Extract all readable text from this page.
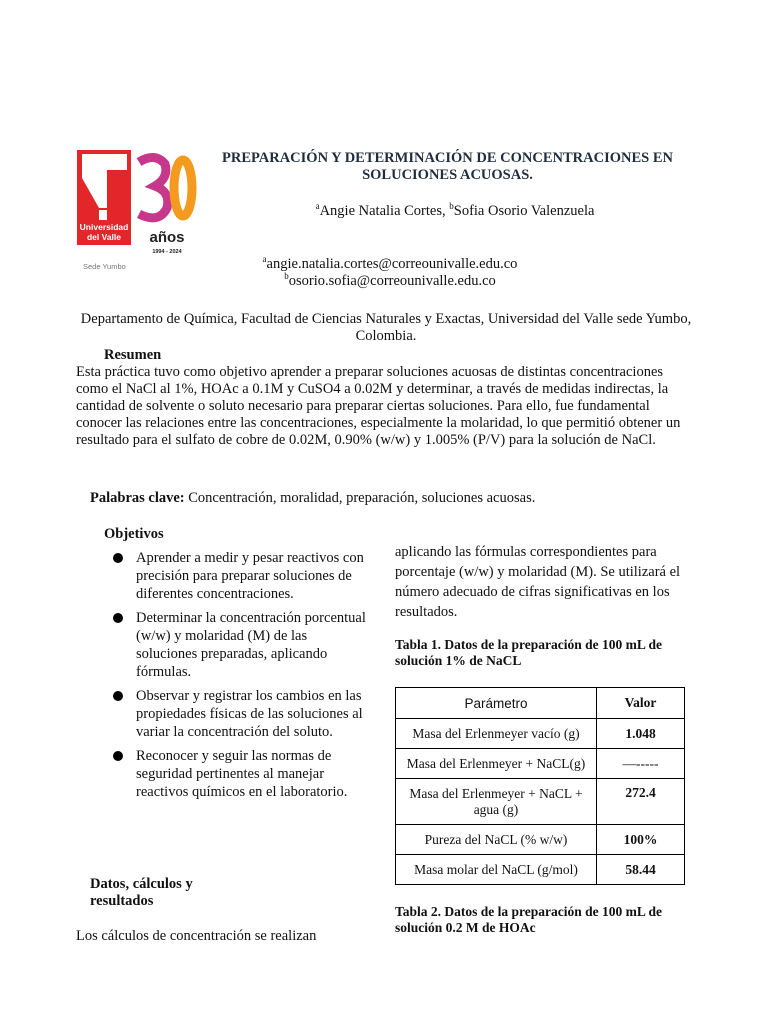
Universidad
del Valle años
1994 - 2024
Sede Yumbo
PREPARACIÓN Y DETERMINACIÓN DE CONCENTRACIONES EN SOLUCIONES ACUOSAS.
$^a$Angie Natalia Cortes, $^b$Sofia Osorio Valenzuela
$^a$angie.natalia.cortes@correounivalle.edu.co
$^b$osorio.sofia@correounivalle.edu.co
Departamento de Química, Facultad de Ciencias Naturales y Exactas, Universidad del Valle sede Yumbo, Colombia.
Resumen
Esta práctica tuvo como objetivo aprender a preparar soluciones acuosas de distintas concentraciones como el NaCl al 1%, HOAc a 0.1M y CuSO4 a 0.02M y determinar, a través de medidas indirectas, la cantidad de solvente o soluto necesario para preparar ciertas soluciones. Para ello, fue fundamental conocer las relaciones entre las concentraciones, especialmente la molaridad, lo que permitió obtener un resultado para el sulfato de cobre de 0.02M, 0.90% (w/w) y 1.005% (P/V) para la solución de NaCl.
Palabras clave: Concentración, moralidad, preparación, soluciones acuosas.
Objetivos
Aprender a medir y pesar reactivos con precisión para preparar soluciones de diferentes concentraciones.
Determinar la concentración porcentual (w/w) y molaridad (M) de las soluciones preparadas, aplicando fórmulas.
Observar y registrar los cambios en las propiedades físicas de las soluciones al variar la concentración del soluto.
Reconocer y seguir las normas de seguridad pertinentes al manejar reactivos químicos en el laboratorio.
Datos, cálculos y resultados
Los cálculos de concentración se realizan
aplicando las fórmulas correspondientes para porcentaje (w/w) y molaridad (M). Se utilizará el número adecuado de cifras significativas en los resultados.
Tabla 1. Datos de la preparación de 100 mL de solución 1% de NaCL
Parámetro	Valor
Masa del Erlenmeyer vacío (g)	1.048
Masa del Erlenmeyer + NaCL(g)	—-----
Masa del Erlenmeyer + NaCL + agua (g)	272.4
Pureza del NaCL (% w/w)	100%
Masa molar del NaCL (g/mol)	58.44
Tabla 2. Datos de la preparación de 100 mL de solución 0.2 M de HOAc
